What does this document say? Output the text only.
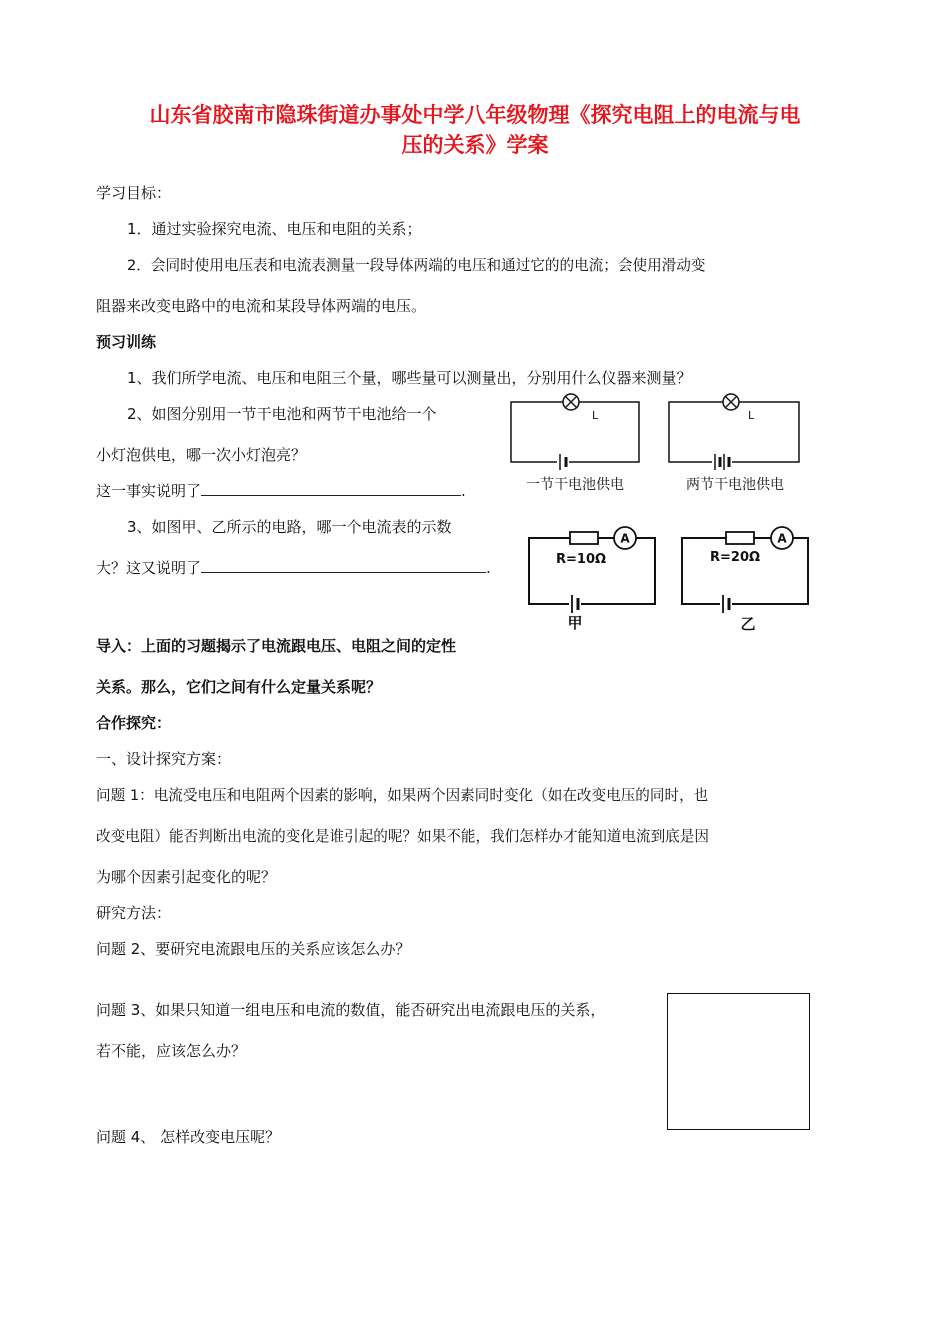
山东省胶南市隐珠街道办事处中学八年级物理《探究电阻上的电流与电
压的关系》学案
学习目标：
1．通过实验探究电流、电压和电阻的关系；
2．会同时使用电压表和电流表测量一段导体两端的电压和通过它的的电流；会使用滑动变
阻器来改变电路中的电流和某段导体两端的电压。
预习训练
1、我们所学电流、电压和电阻三个量，哪些量可以测量出，分别用什么仪器来测量？
2、如图分别用一节干电池和两节干电池给一个
小灯泡供电，哪一次小灯泡亮？
这一事实说明了	.
3、如图甲、乙所示的电路，哪一个电流表的示数
大？这又说明了	.
L
一节干电池供电
L
两节干电池供电
A
R=10Ω
甲
A
R=20Ω
乙
导入：上面的习题揭示了电流跟电压、电阻之间的定性
关系。那么，它们之间有什么定量关系呢？
合作探究：
一、设计探究方案：
问题 1：电流受电压和电阻两个因素的影响，如果两个因素同时变化（如在改变电压的同时，也
改变电阻）能否判断出电流的变化是谁引起的呢？如果不能，我们怎样办才能知道电流到底是因
为哪个因素引起变化的呢？
研究方法：
问题 2、要研究电流跟电压的关系应该怎么办？
问题 3、如果只知道一组电压和电流的数值，能否研究出电流跟电压的关系，
若不能，应该怎么办？
问题 4、 怎样改变电压呢？
